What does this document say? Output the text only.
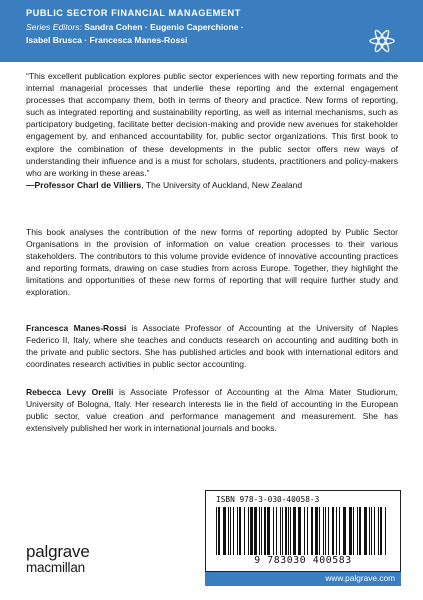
PUBLIC SECTOR FINANCIAL MANAGEMENT
Series Editors: Sandra Cohen · Eugenio Caperchione ·
Isabel Brusca · Francesca Manes-Rossi
“This excellent publication explores public sector experiences with new reporting formats and the internal managerial processes that underlie these reporting and the external engagement processes that accompany them, both in terms of theory and practice. New forms of reporting, such as integrated reporting and sustainability reporting, as well as internal mechanisms, such as participatory budgeting, facilitate better decision-making and provide new avenues for stakeholder engagement by, and enhanced accountability for, public sector organizations. This first book to explore the combination of these developments in the public sector offers new ways of understanding their influence and is a must for scholars, students, practitioners and policy-makers who are working in these areas.”
—Professor Charl de Villiers, The University of Auckland, New Zealand
This book analyses the contribution of the new forms of reporting adopted by Public Sector Organisations in the provision of information on value creation processes to their various stakeholders. The contributors to this volume provide evidence of innovative accounting practices and reporting formats, drawing on case studies from across Europe. Together, they highlight the limitations and opportunities of these new forms of reporting that will require further study and exploration.
Francesca Manes-Rossi is Associate Professor of Accounting at the University of Naples Federico II, Italy, where she teaches and conducts research on accounting and auditing both in the private and public sectors. She has published articles and book with international editors and coordinates research activities in public sector accounting.
Rebecca Levy Orelli is Associate Professor of Accounting at the Alma Mater Studiorum, University of Bologna, Italy. Her research interests lie in the field of accounting in the European public sector, value creation and performance management and measurement. She has extensively published her work in international journals and books.
ISBN 978-3-030-40058-3
9 783030 400583
palgrave
macmillan
www.palgrave.com
